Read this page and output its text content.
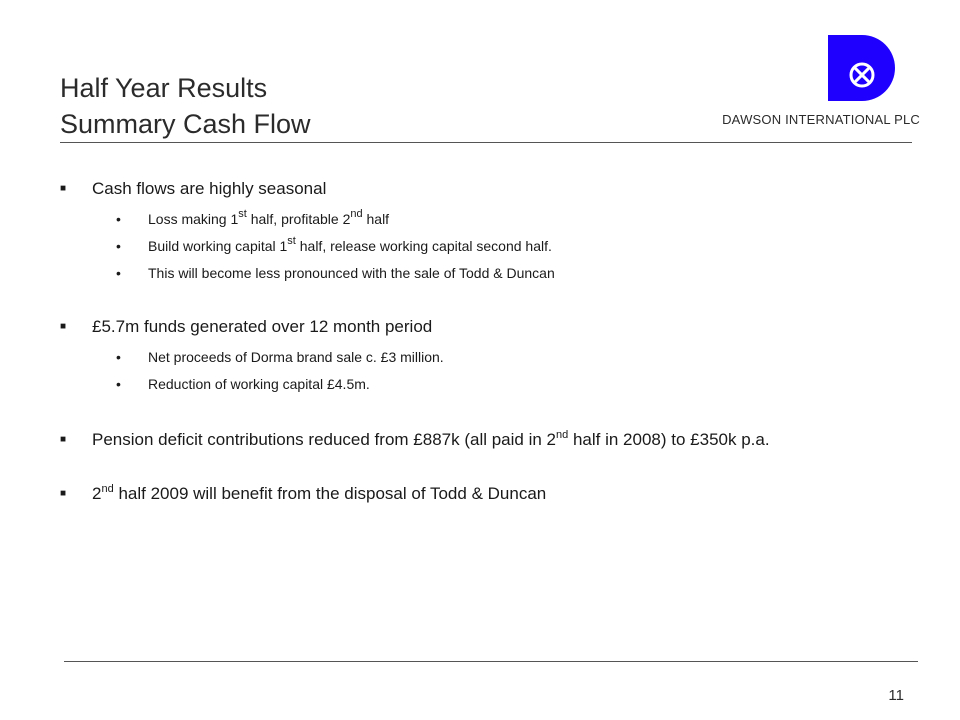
Half Year Results
Summary Cash Flow	DAWSON INTERNATIONAL PLC
■ Cash flows are highly seasonal
• Loss making 1st half, profitable 2nd half
• Build working capital 1st half, release working capital second half.
• This will become less pronounced with the sale of Todd & Duncan
■ £5.7m funds generated over 12 month period
• Net proceeds of Dorma brand sale c. £3 million.
• Reduction of working capital £4.5m.
■ Pension deficit contributions reduced from £887k (all paid in 2nd half in 2008) to £350k p.a.
■ 2nd half 2009 will benefit from the disposal of Todd & Duncan
11
